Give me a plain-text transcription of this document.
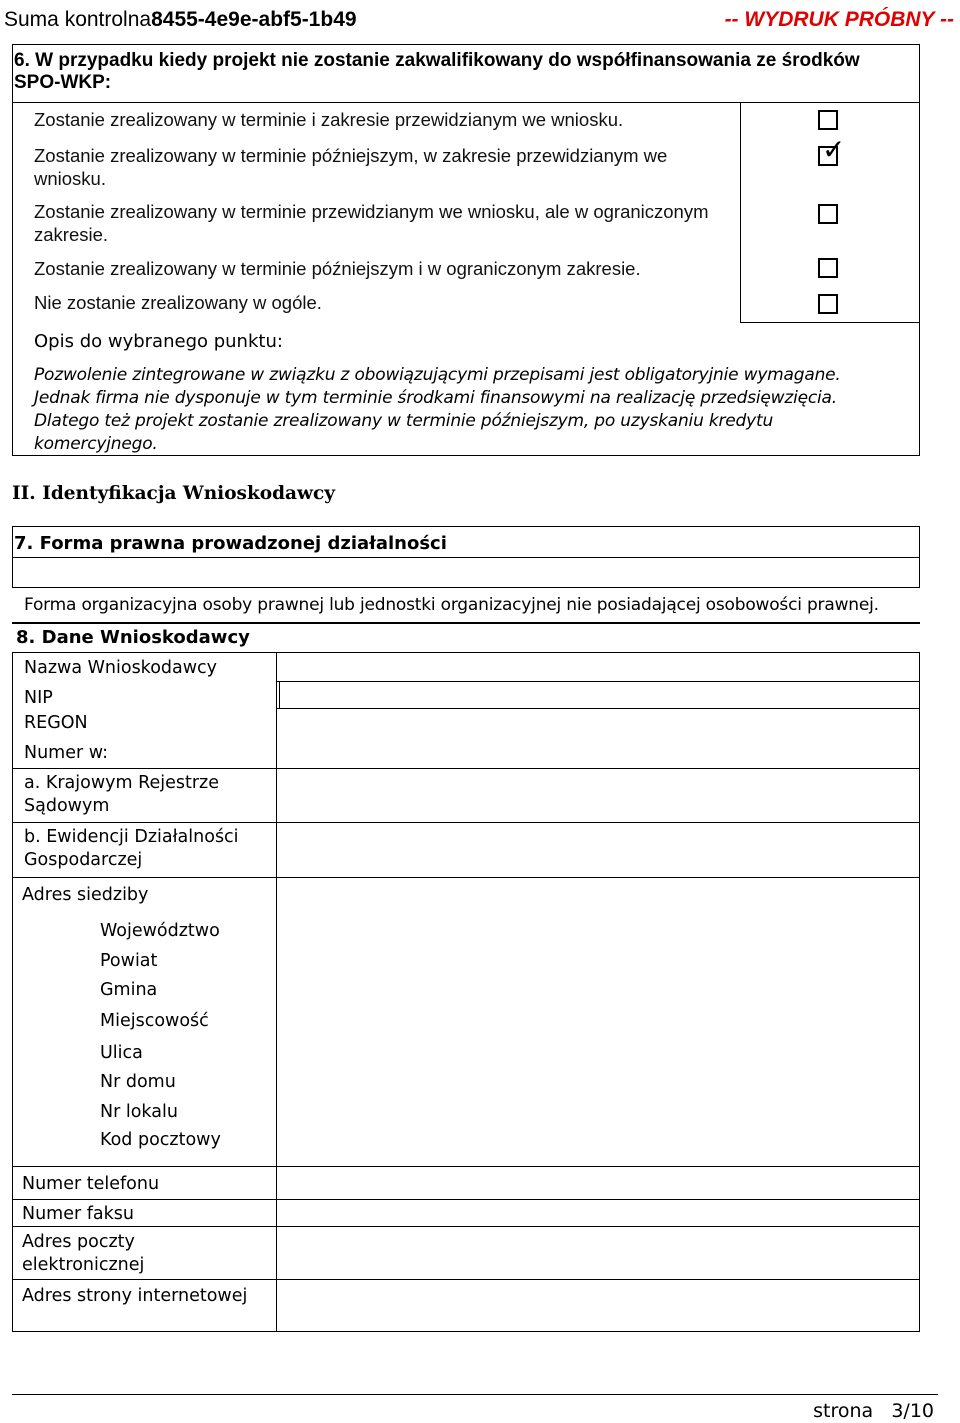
Suma kontrolna8455-4e9e-abf5-1b49	-- WYDRUK PRÓBNY --
6. W przypadku kiedy projekt nie zostanie zakwalifikowany do współfinansowania ze środków SPO-WKP:
Zostanie zrealizowany w terminie i zakresie przewidzianym we wniosku.
Zostanie zrealizowany w terminie późniejszym, w zakresie przewidzianym we wniosku.
Zostanie zrealizowany w terminie przewidzianym we wniosku, ale w ograniczonym zakresie.
Zostanie zrealizowany w terminie późniejszym i w ograniczonym zakresie.
Nie zostanie zrealizowany w ogóle.
✓
Opis do wybranego punktu:
Pozwolenie zintegrowane w związku z obowiązującymi przepisami jest obligatoryjnie wymagane. Jednak firma nie dysponuje w tym terminie środkami finansowymi na realizację przedsięwzięcia. Dlatego też projekt zostanie zrealizowany w terminie późniejszym, po uzyskaniu kredytu komercyjnego.
II. Identyfikacja Wnioskodawcy
7. Forma prawna prowadzonej działalności
Forma organizacyjna osoby prawnej lub jednostki organizacyjnej nie posiadającej osobowości prawnej.
8. Dane Wnioskodawcy
Nazwa Wnioskodawcy
NIP
REGON
Numer w:
a. Krajowym Rejestrze Sądowym
b. Ewidencji Działalności Gospodarczej
Adres siedziby
Województwo
Powiat
Gmina
Miejscowość
Ulica
Nr domu
Nr lokalu
Kod pocztowy
Numer telefonu
Numer faksu
Adres poczty elektronicznej
Adres strony internetowej
strona 3/10
